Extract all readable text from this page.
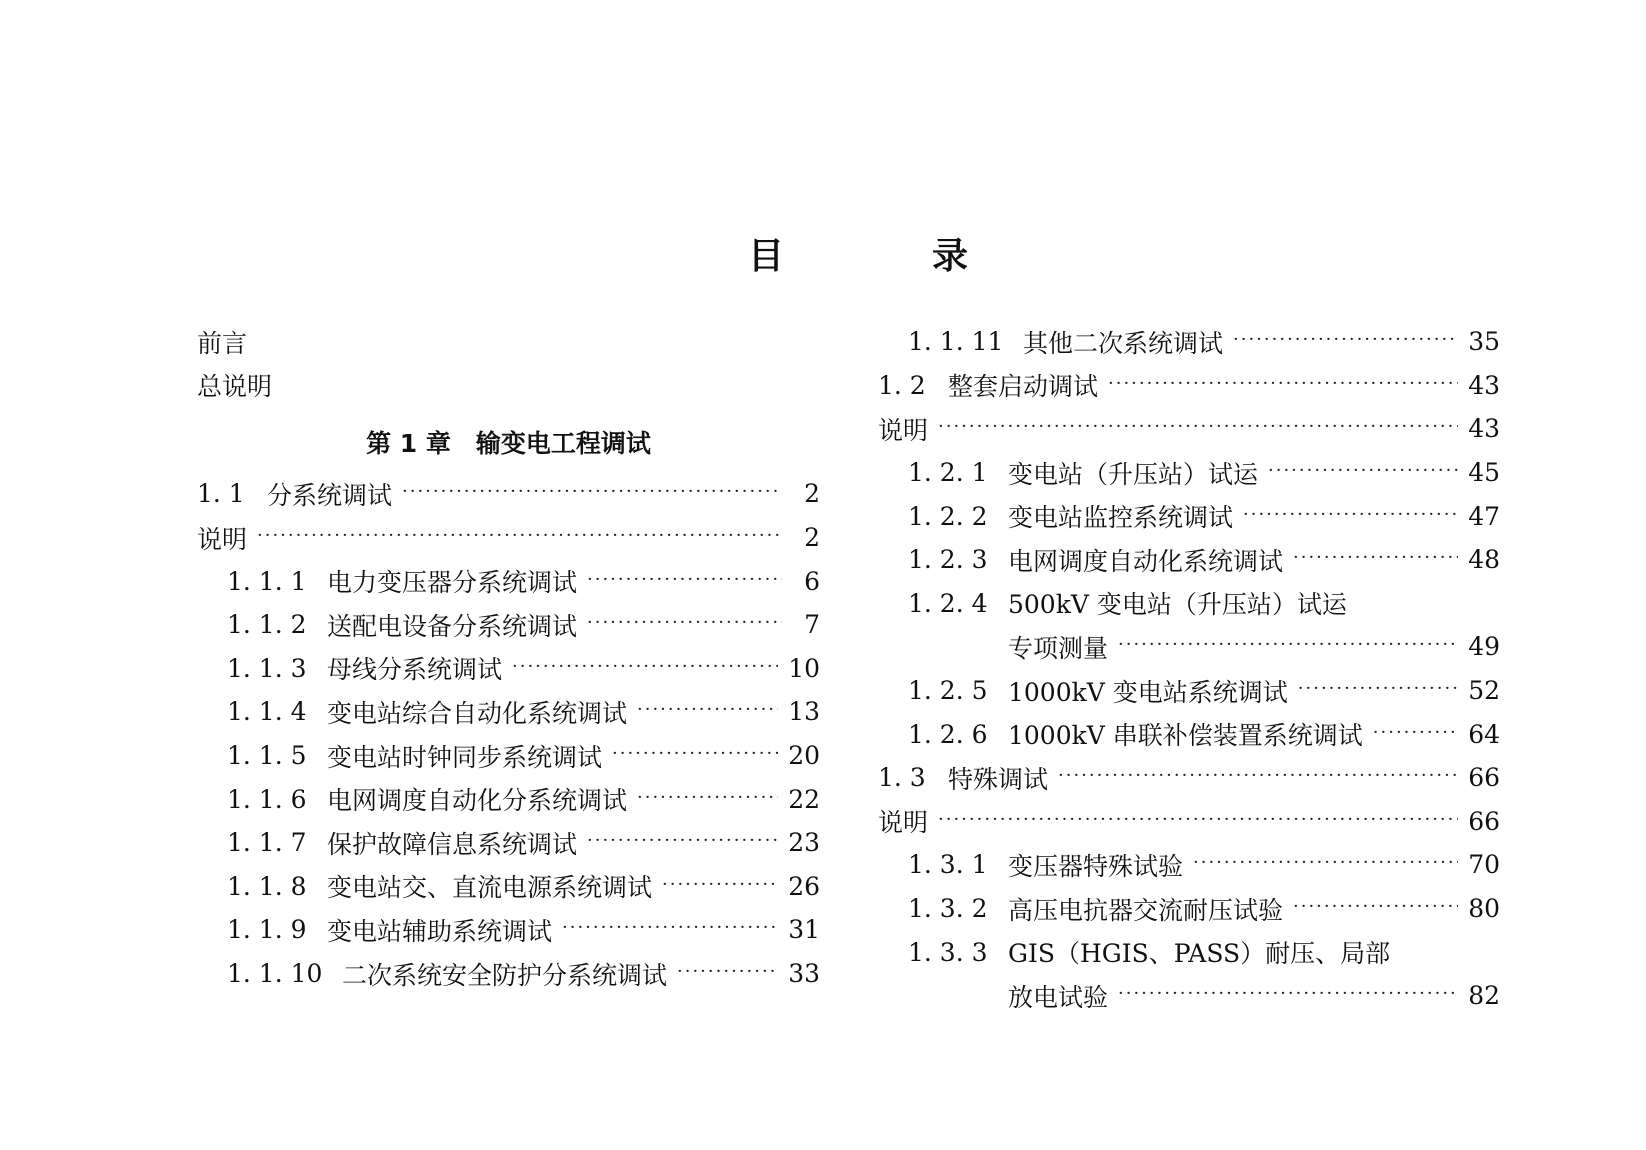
目	录
前言
总说明
第 1 章　输变电工程调试
1. 1 分系统调试 ·····	2
说明 ·····	2
1. 1. 1 电力变压器分系统调试 ·····	6
1. 1. 2 送配电设备分系统调试 ·····	7
1. 1. 3 母线分系统调试 ·····	10
1. 1. 4 变电站综合自动化系统调试 ·····	13
1. 1. 5 变电站时钟同步系统调试 ·····	20
1. 1. 6 电网调度自动化分系统调试 ·····	22
1. 1. 7 保护故障信息系统调试 ·····	23
1. 1. 8 变电站交、直流电源系统调试 ·····	26
1. 1. 9 变电站辅助系统调试 ·····	31
1. 1. 10 二次系统安全防护分系统调试 ·····	33
1. 1. 11 其他二次系统调试 ·····	35
1. 2 整套启动调试 ·····	43
说明 ·····	43
1. 2. 1 变电站（升压站）试运 ·····	45
1. 2. 2 变电站监控系统调试 ·····	47
1. 2. 3 电网调度自动化系统调试 ·····	48
1. 2. 4 500kV 变电站（升压站）试运
专项测量 ·····	49
1. 2. 5 1000kV 变电站系统调试 ·····	52
1. 2. 6 1000kV 串联补偿装置系统调试 ·····	64
1. 3 特殊调试 ·····	66
说明 ·····	66
1. 3. 1 变压器特殊试验 ·····	70
1. 3. 2 高压电抗器交流耐压试验 ·····	80
1. 3. 3 GIS（HGIS、PASS）耐压、局部
放电试验 ·····	82
